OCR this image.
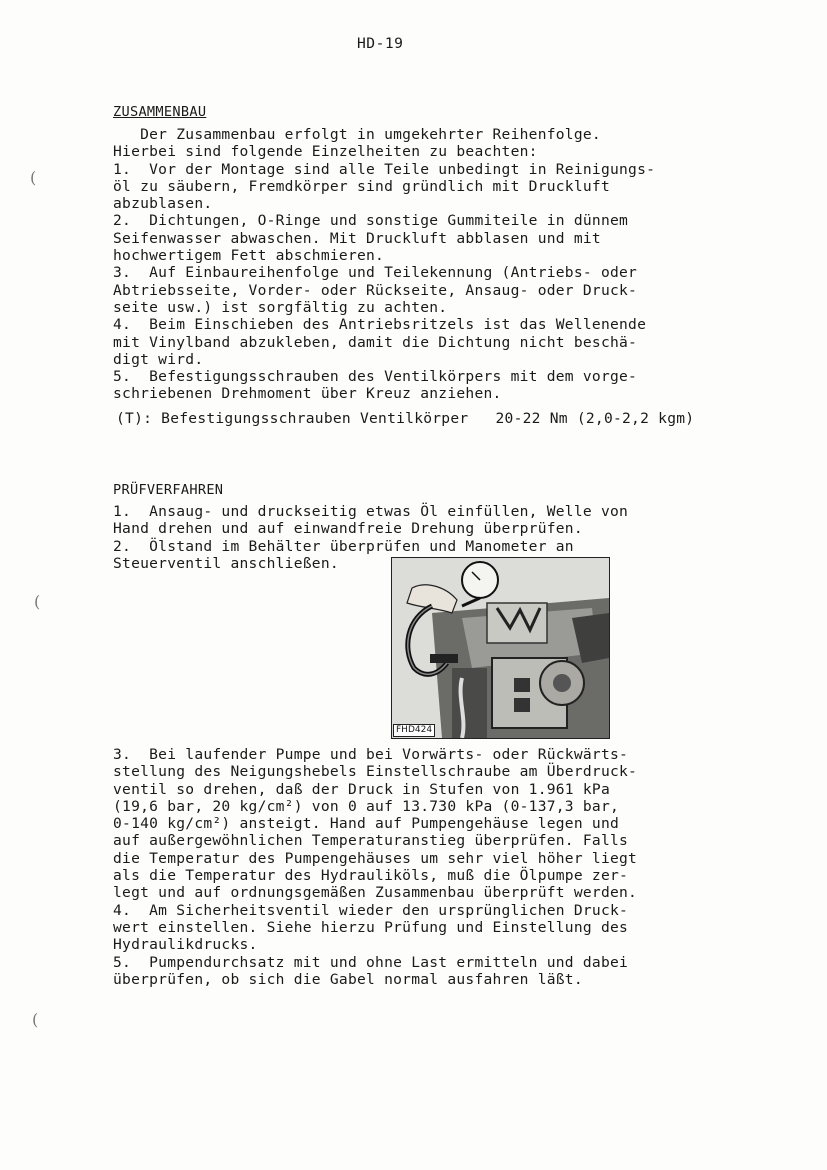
HD-19
ZUSAMMENBAU
Der Zusammenbau erfolgt in umgekehrter Reihenfolge.
Hierbei sind folgende Einzelheiten zu beachten:
1.  Vor der Montage sind alle Teile unbedingt in Reinigungs-
öl zu säubern, Fremdkörper sind gründlich mit Druckluft
abzublasen.
2.  Dichtungen, O-Ringe und sonstige Gummiteile in dünnem
Seifenwasser abwaschen. Mit Druckluft abblasen und mit
hochwertigem Fett abschmieren.
3.  Auf Einbaureihenfolge und Teilekennung (Antriebs- oder
Abtriebsseite, Vorder- oder Rückseite, Ansaug- oder Druck-
seite usw.) ist sorgfältig zu achten.
4.  Beim Einschieben des Antriebsritzels ist das Wellenende
mit Vinylband abzukleben, damit die Dichtung nicht beschä-
digt wird.
5.  Befestigungsschrauben des Ventilkörpers mit dem vorge-
schriebenen Drehmoment über Kreuz anziehen.
(T): Befestigungsschrauben Ventilkörper   20-22 Nm (2,0-2,2 kgm)
PRÜFVERFAHREN
1.  Ansaug- und druckseitig etwas Öl einfüllen, Welle von
Hand drehen und auf einwandfreie Drehung überprüfen.
2.  Ölstand im Behälter überprüfen und Manometer an
Steuerventil anschließen.
FHD424
3.  Bei laufender Pumpe und bei Vorwärts- oder Rückwärts-
stellung des Neigungshebels Einstellschraube am Überdruck-
ventil so drehen, daß der Druck in Stufen von 1.961 kPa
(19,6 bar, 20 kg/cm²) von 0 auf 13.730 kPa (0-137,3 bar,
0-140 kg/cm²) ansteigt. Hand auf Pumpengehäuse legen und
auf außergewöhnlichen Temperaturanstieg überprüfen. Falls
die Temperatur des Pumpengehäuses um sehr viel höher liegt
als die Temperatur des Hydrauliköls, muß die Ölpumpe zer-
legt und auf ordnungsgemäßen Zusammenbau überprüft werden.
4.  Am Sicherheitsventil wieder den ursprünglichen Druck-
wert einstellen. Siehe hierzu Prüfung und Einstellung des
Hydraulikdrucks.
5.  Pumpendurchsatz mit und ohne Last ermitteln und dabei
überprüfen, ob sich die Gabel normal ausfahren läßt.
(
(
(
